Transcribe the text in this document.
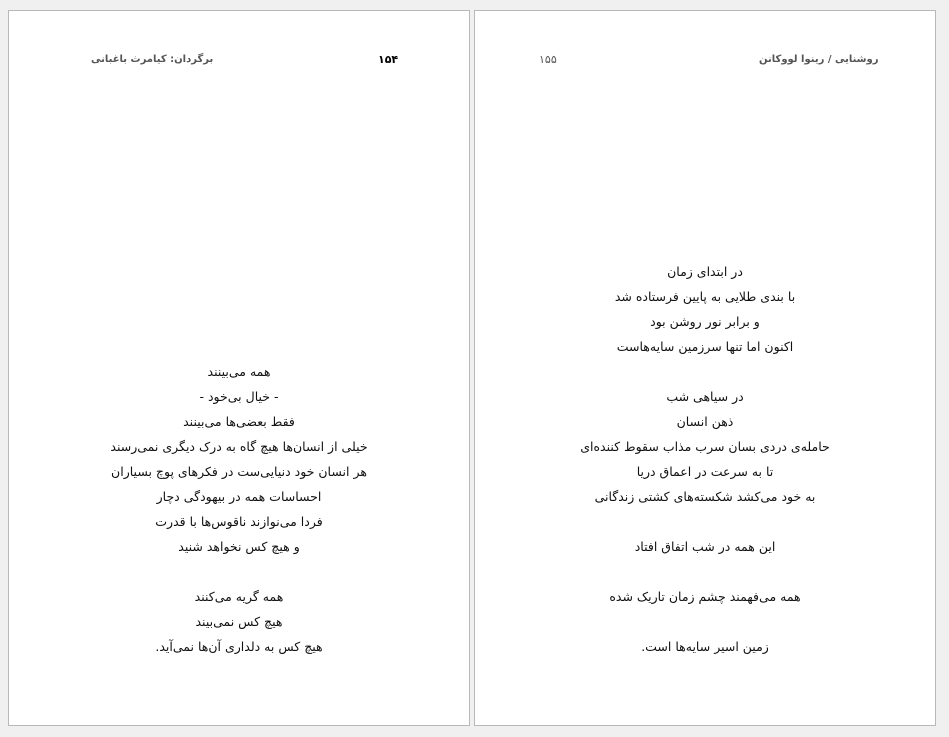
برگردان: کیامرث باغبانی	۱۵۴
همه می‌بینند
- خیال بی‌خود -
فقط بعضی‌ها می‌بینند
خیلی از انسان‌ها هیچ گاه به درک دیگری نمی‌رسند
هر انسان خود دنیایی‌ست در فکرهای پوچ بسیاران
احساسات همه در بیهودگی دچار
فردا می‌نوازند ناقوس‌ها با قدرت
و هیچ کس نخواهد شنید
همه گریه می‌کنند
هیچ کس نمی‌بیند
هیچ کس به دلداری آن‌ها نمی‌آید.
روشنایی / رینوا لووکانن
۱۵۵
در ابتدای زمان
با بندی طلایی به پایین فرستاده شد
و برابر نور روشن بود
اکنون اما تنها سرزمین سایه‌هاست
در سیاهی شب
ذهن انسان
حامله‌ی دردی بسان سرب مذاب سقوط کننده‌ای
تا به سرعت در اعماق دریا
به خود می‌کشد شکسته‌های کشتی زندگانی
این همه در شب اتفاق افتاد
همه می‌فهمند چشم زمان تاریک شده
زمین اسیر سایه‌ها است.
